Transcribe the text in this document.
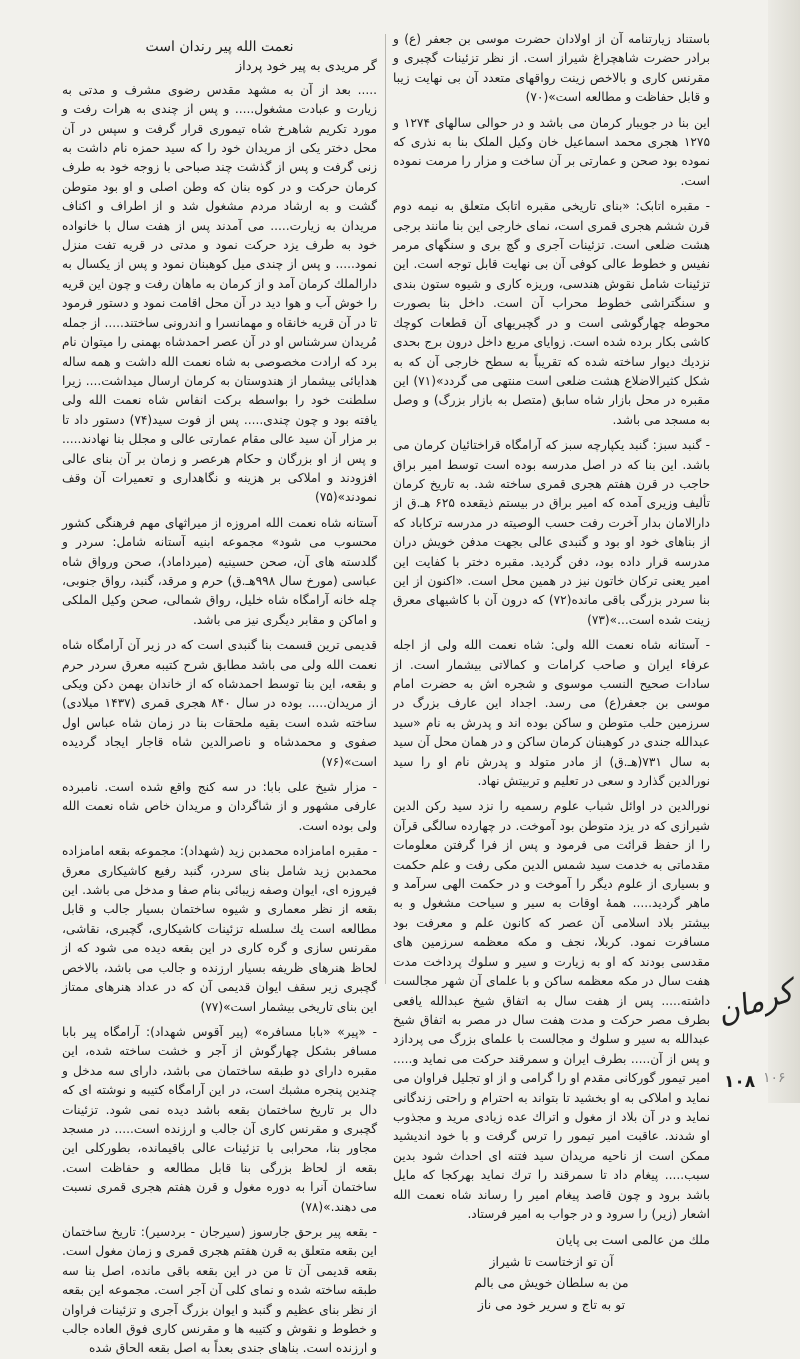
باستناد زیارتنامه آن از اولادان حضرت موسی بن جعفر (ع) و برادر حضرت شاهچراغ شیراز است. از نظر تزئینات گچبری و مقرنس کاری و بالاخص زینت رواقهای متعدد آن بی نهایت زیبا و قابل حفاظت و مطالعه است»(۷۰)

این بنا در جویبار کرمان می باشد و در حوالی سالهای ۱۲۷۴ و ۱۲۷۵ هجری محمد اسماعیل خان وکیل الملک بنا به نذری که نموده بود صحن و عمارتی بر آن ساخت و مزار را مرمت نموده است.

- مقبره اتابک: «بنای تاریخی مقبره اتابک متعلق به نیمه دوم قرن ششم هجری قمری است، نمای خارجی این بنا مانند برجی هشت ضلعی است. تزئینات آجری و گچ بری و سنگهای مرمر نفیس و خطوط عالی کوفی آن بی نهایت قابل توجه است. این تزئینات شامل نقوش هندسی، وریزه کاری و شیوه ستون بندی و سنگتراشی خطوط محراب آن است. داخل بنا بصورت محوطه چهارگوشی است و در گچبریهای آن قطعات کوچك کاشی بکار برده شده است. زوایای مربع داخل درون برج بحدی نزدیك دیوار ساخته شده که تقریباً به سطح خارجی آن که به شکل کثیرالاضلاع هشت ضلعی است منتهی می گردد»(۷۱) این مقبره در محل بازار شاه سابق (متصل به بازار بزرگ) و وصل به مسجد می باشد.

- گنبد سبز: گنبد یکپارچه سبز که آرامگاه قراختائیان کرمان می باشد. این بنا که در اصل مدرسه بوده است توسط امیر براق حاجب در قرن هفتم هجری قمری ساخته شد. به تاریخ کرمان تألیف وزیری آمده که امیر براق در بیستم ذیقعده ۶۲۵ هـ.ق از دارالامان بدار آخرت رفت حسب الوصیته در مدرسه ترکاباد که از بناهای خود او بود و گنبدی عالی بجهت مدفن خویش دران مدرسه قرار داده بود، دفن گردید. مقبره دختر با کفایت این امیر یعنی ترکان خاتون نیز در همین محل است. «اکنون از این بنا سردر بزرگی باقی مانده(۷۲) که درون آن با کاشیهای معرق زینت شده است...»(۷۳)

- آستانه شاه نعمت الله ولی: شاه نعمت الله ولی از اجله عرفاء ایران و صاحب کرامات و کمالاتی بیشمار است. از سادات صحیح النسب موسوی و شجره اش به حضرت امام موسی بن جعفر(ع) می رسد. اجداد این عارف بزرگ در سرزمین حلب متوطن و ساکن بوده اند و پدرش به نام «سید عبدالله جندی در کوهبنان کرمان ساکن و در همان محل آن سید به سال ۷۳۱(هـ.ق) از مادر متولد و پدرش نام او را سید نورالدین گذارد و سعی در تعلیم و تربیتش نهاد.

نورالدین در اوائل شباب علوم رسمیه را نزد سید رکن الدین شیرازی که در یزد متوطن بود آموخت. در چهارده سالگی قرآن را از حفظ قرائت می فرمود و پس از فرا گرفتن معلومات مقدماتی به خدمت سید شمس الدین مکی رفت و علم حکمت و بسیاری از علوم دیگر را آموخت و در حکمت الهی سرآمد و ماهر گردید..... همهٔ اوقات به سیر و سیاحت مشغول و به بیشتر بلاد اسلامی آن عصر که کانون علم و معرفت بود مسافرت نمود. کربلا، نجف و مکه معظمه سرزمین های مقدسی بودند که او به زیارت و سیر و سلوك پرداخت مدت هفت سال در مکه معظمه ساکن و با علمای آن شهر مجالست داشته..... پس از هفت سال به اتفاق شیخ عبدالله یافعی بطرف مصر حرکت و مدت هفت سال در مصر به اتفاق شیخ عبدالله به سیر و سلوك و مجالست با علمای بزرگ می پردازد و پس از آن..... بطرف ایران و سمرقند حرکت می نماید و..... امیر تیمور گورکانی مقدم او را گرامی و از او تجلیل فراوان می نماید و املاکی به او بخشید تا بتواند به احترام و راحتی زندگانی نماید و در آن بلاد از مغول و اتراك عده زیادی مرید و مجذوب او شدند. عاقبت امیر تیمور را ترس گرفت و با خود اندیشید ممکن است از ناحیه مریدان سید فتنه ای احداث شود بدین سبب..... پیغام داد تا سمرقند را ترك نماید بهرکجا که مایل باشد برود و چون قاصد پیغام امیر را رساند شاه نعمت الله اشعار (زیر) را سرود و در جواب به امیر فرستاد.

ملك من عالمی است بی پایان
آن تو ازختاست تا شیراز
من به سلطان خویش می بالم
تو به تاج و سریر خود می ناز
نعمت الله پیر رندان است
گر مریدی به پیر خود پرداز

..... بعد از آن به مشهد مقدس رضوی مشرف و مدتی به زیارت و عبادت مشغول..... و پس از چندی به هرات رفت و مورد تکریم شاهرخ شاه تیموری قرار گرفت و سپس در آن محل دختر یکی از مریدان خود را که سید حمزه نام داشت به زنی گرفت و پس از گذشت چند صباحی با زوجه خود به طرف کرمان حرکت و در کوه بنان که وطن اصلی و او بود متوطن گشت و به ارشاد مردم مشغول شد و از اطراف و اکناف مریدان به زیارت..... می آمدند پس از هفت سال با خانواده خود به طرف یزد حرکت نمود و مدتی در قریه تفت منزل نمود..... و پس از چندی میل کوهبنان نمود و پس از یکسال به دارالملك کرمان آمد و از کرمان به ماهان رفت و چون این قریه را خوش آب و هوا دید در آن محل اقامت نمود و دستور فرمود تا در آن قریه خانقاه و مهمانسرا و اندرونی ساختند..... از جمله مُریدان سرشناس او در آن عصر احمدشاه بهمنی را میتوان نام برد که ارادت مخصوصی به شاه نعمت الله داشت و همه ساله هدایائی بیشمار از هندوستان به کرمان ارسال میداشت.... زیرا سلطنت خود را بواسطه برکت انفاس شاه نعمت الله ولی یافته بود و چون چندی..... پس از فوت سید(۷۴) دستور داد تا بر مزار آن سید عالی مقام عمارتی عالی و مجلل بنا نهادند..... و پس از او بزرگان و حکام هرعصر و زمان بر آن بنای عالی افزودند و املاکی بر هزینه و نگاهداری و تعمیرات آن وقف نمودند»(۷۵)

آستانه شاه نعمت الله امروزه از میراثهای مهم فرهنگی کشور محسوب می شود» مجموعه ابنیه آستانه شامل: سردر و گلدسته های آن، صحن حسینیه (میرداماد)، صحن ورواق شاه عباسی (مورخ سال ۹۹۸هـ.ق) حرم و مرقد، گنبد، رواق جنوبی، چله خانه آرامگاه شاه خلیل، رواق شمالی، صحن وکیل الملکی و اماکن و مقابر دیگری نیز می باشد.

قدیمی ترین قسمت بنا گنبدی است که در زیر آن آرامگاه شاه نعمت الله ولی می باشد مطابق شرح کتیبه معرق سردر حرم و بقعه، این بنا توسط احمدشاه که از خاندان بهمن دکن ویکی از مریدان..... بوده در سال ۸۴۰ هجری قمری (۱۴۳۷ میلادی) ساخته شده است بقیه ملحقات بنا در زمان شاه عباس اول صفوی و محمدشاه و ناصرالدین شاه قاجار ایجاد گردیده است»(۷۶)

- مزار شیخ علی بابا: در سه کنج واقع شده است. نامبرده عارفی مشهور و از شاگردان و مریدان خاص شاه نعمت الله ولی بوده است.

- مقبره امامزاده محمدبن زید (شهداد): مجموعه بقعه امامزاده محمدبن زید شامل بنای سردر، گنبد رفیع کاشیکاری معرق فیروزه ای، ایوان وصفه زیبائی بنام صفا و مدخل می باشد. این بقعه از نظر معماری و شیوه ساختمان بسیار جالب و قابل مطالعه است یك سلسله تزئینات کاشیکاری، گچبری، نقاشی، مقرنس سازی و گره کاری در این بقعه دیده می شود که از لحاظ هنرهای ظریفه بسیار ارزنده و جالب می باشد، بالاخص گچبری زیر سقف ایوان قدیمی آن که در عداد هنرهای ممتاز این بنای تاریخی بیشمار است»(۷۷)

- «پیر» «بابا مسافره» (پیر آقوس شهداد): آرامگاه پیر بابا مسافر بشکل چهارگوش از آجر و خشت ساخته شده، این مقبره دارای دو طبقه ساختمان می باشد، دارای سه مدخل و چندین پنجره مشبك است، در این آرامگاه کتیبه و نوشته ای که دال بر تاریخ ساختمان بقعه باشد دیده نمی شود. تزئینات گچبری و مقرنس کاری آن جالب و ارزنده است..... در مسجد مجاور بنا، محرابی با تزئینات عالی باقیمانده، بطورکلی این بقعه از لحاظ بزرگی بنا قابل مطالعه و حفاظت است. ساختمان آنرا به دوره مغول و قرن هفتم هجری قمری نسبت می دهند.»(۷۸)

- بقعه پیر برحق جارسوز (سیرجان - بردسیر): تاریخ ساختمان این بقعه متعلق به قرن هفتم هجری قمری و زمان مغول است. بقعه قدیمی آن تا من در این بقعه باقی مانده، اصل بنا سه طبقه ساخته شده و نمای کلی آن آجر است. مجموعه این بقعه از نظر بنای عظیم و گنبد و ایوان بزرگ آجری و تزئینات فراوان و خطوط و نقوش و کتیبه ها و مقرنس کاری فوق العاده جالب و ارزنده است. بناهای جندی بعداً به اصل بقعه الحاق شده

کرمان
۱۰۸ ۱۰۶
